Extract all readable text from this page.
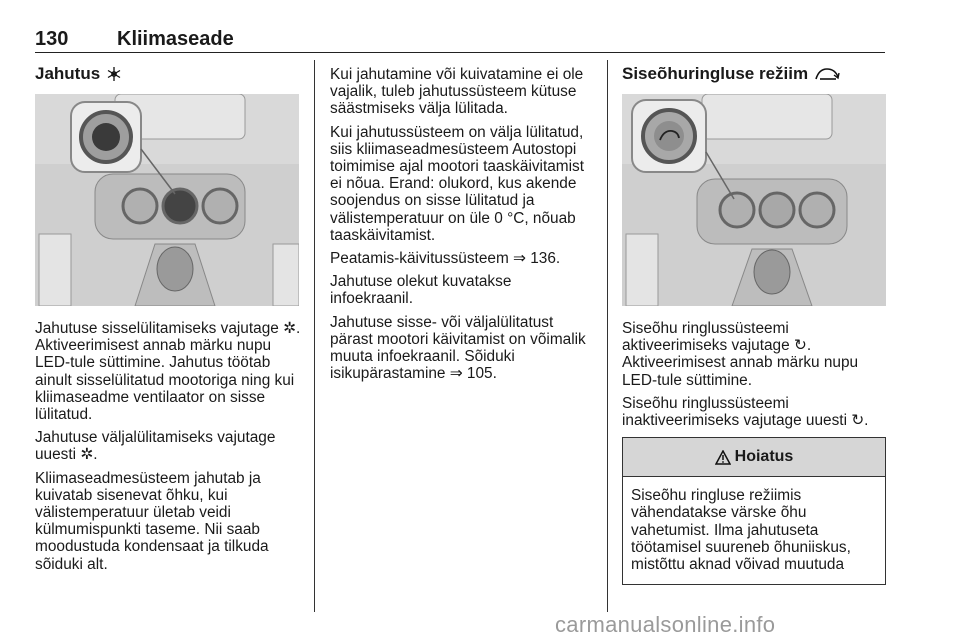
130 Kliimaseade
Jahutus

Jahutuse sisselülitamiseks vajutage ✲. Aktiveerimisest annab märku nupu LED-tule süttimine. Jahutus töötab ainult sisselülitatud mootoriga ning kui kliimaseadme ventilaator on sisse lülitatud.

Jahutuse väljalülitamiseks vajutage uuesti ✲.

Kliimaseadmesüsteem jahutab ja kuivatab sisenevat õhku, kui välistemperatuur ületab veidi külmumispunkti taseme. Nii saab moodustuda kondensaat ja tilkuda sõiduki alt.

Kui jahutamine või kuivatamine ei ole vajalik, tuleb jahutussüsteem kütuse säästmiseks välja lülitada.

Kui jahutussüsteem on välja lülitatud, siis kliimaseadmesüsteem Autostopi toimimise ajal mootori taaskäivitamist ei nõua. Erand: olukord, kus akende soojendus on sisse lülitatud ja välistemperatuur on üle 0 °C, nõuab taaskäivitamist.

Peatamis-käivitussüsteem ⇒ 136.

Jahutuse olekut kuvatakse infoekraanil.

Jahutuse sisse- või väljalülitatust pärast mootori käivitamist on võimalik muuta infoekraanil. Sõiduki isikupärastamine ⇒ 105.

Siseõhuringluse režiim

Siseõhu ringlussüsteemi aktiveerimiseks vajutage ↻. Aktiveerimisest annab märku nupu LED-tule süttimine.

Siseõhu ringlussüsteemi inaktiveerimiseks vajutage uuesti ↻.

Hoiatus

Siseõhu ringluse režiimis vähendatakse värske õhu vahetumist. Ilma jahutuseta töötamisel suureneb õhuniiskus, mistõttu aknad võivad muutuda

carmanualsonline.info
